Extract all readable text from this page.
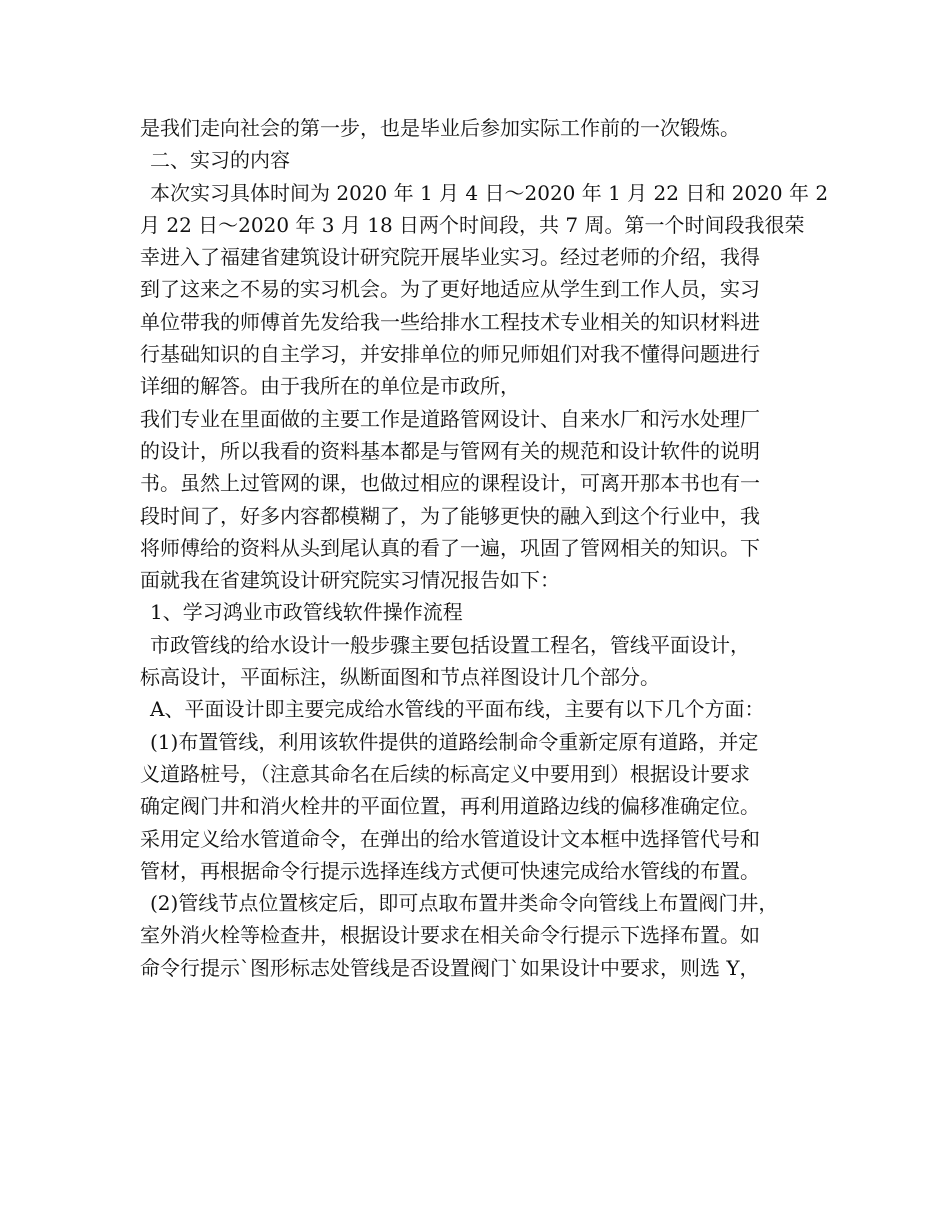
是我们走向社会的第一步，也是毕业后参加实际工作前的一次锻炼。
二、实习的内容
本次实习具体时间为 2020 年 1 月 4 日～2020 年 1 月 22 日和 2020 年 2
月 22 日～2020 年 3 月 18 日两个时间段，共 7 周。第一个时间段我很荣
幸进入了福建省建筑设计研究院开展毕业实习。经过老师的介绍，我得
到了这来之不易的实习机会。为了更好地适应从学生到工作人员，实习
单位带我的师傅首先发给我一些给排水工程技术专业相关的知识材料进
行基础知识的自主学习，并安排单位的师兄师姐们对我不懂得问题进行
详细的解答。由于我所在的单位是市政所，
我们专业在里面做的主要工作是道路管网设计、自来水厂和污水处理厂
的设计，所以我看的资料基本都是与管网有关的规范和设计软件的说明
书。虽然上过管网的课，也做过相应的课程设计，可离开那本书也有一
段时间了，好多内容都模糊了，为了能够更快的融入到这个行业中，我
将师傅给的资料从头到尾认真的看了一遍，巩固了管网相关的知识。下
面就我在省建筑设计研究院实习情况报告如下：
1、学习鸿业市政管线软件操作流程
市政管线的给水设计一般步骤主要包括设置工程名，管线平面设计，
标高设计，平面标注，纵断面图和节点祥图设计几个部分。
A、平面设计即主要完成给水管线的平面布线，主要有以下几个方面：
(1)布置管线，利用该软件提供的道路绘制命令重新定原有道路，并定
义道路桩号，（注意其命名在后续的标高定义中要用到）根据设计要求
确定阀门井和消火栓井的平面位置，再利用道路边线的偏移准确定位。
采用定义给水管道命令，在弹出的给水管道设计文本框中选择管代号和
管材，再根据命令行提示选择连线方式便可快速完成给水管线的布置。
(2)管线节点位置核定后，即可点取布置井类命令向管线上布置阀门井，
室外消火栓等检查井，根据设计要求在相关命令行提示下选择布置。如
命令行提示`图形标志处管线是否设置阀门`如果设计中要求，则选 Y，
